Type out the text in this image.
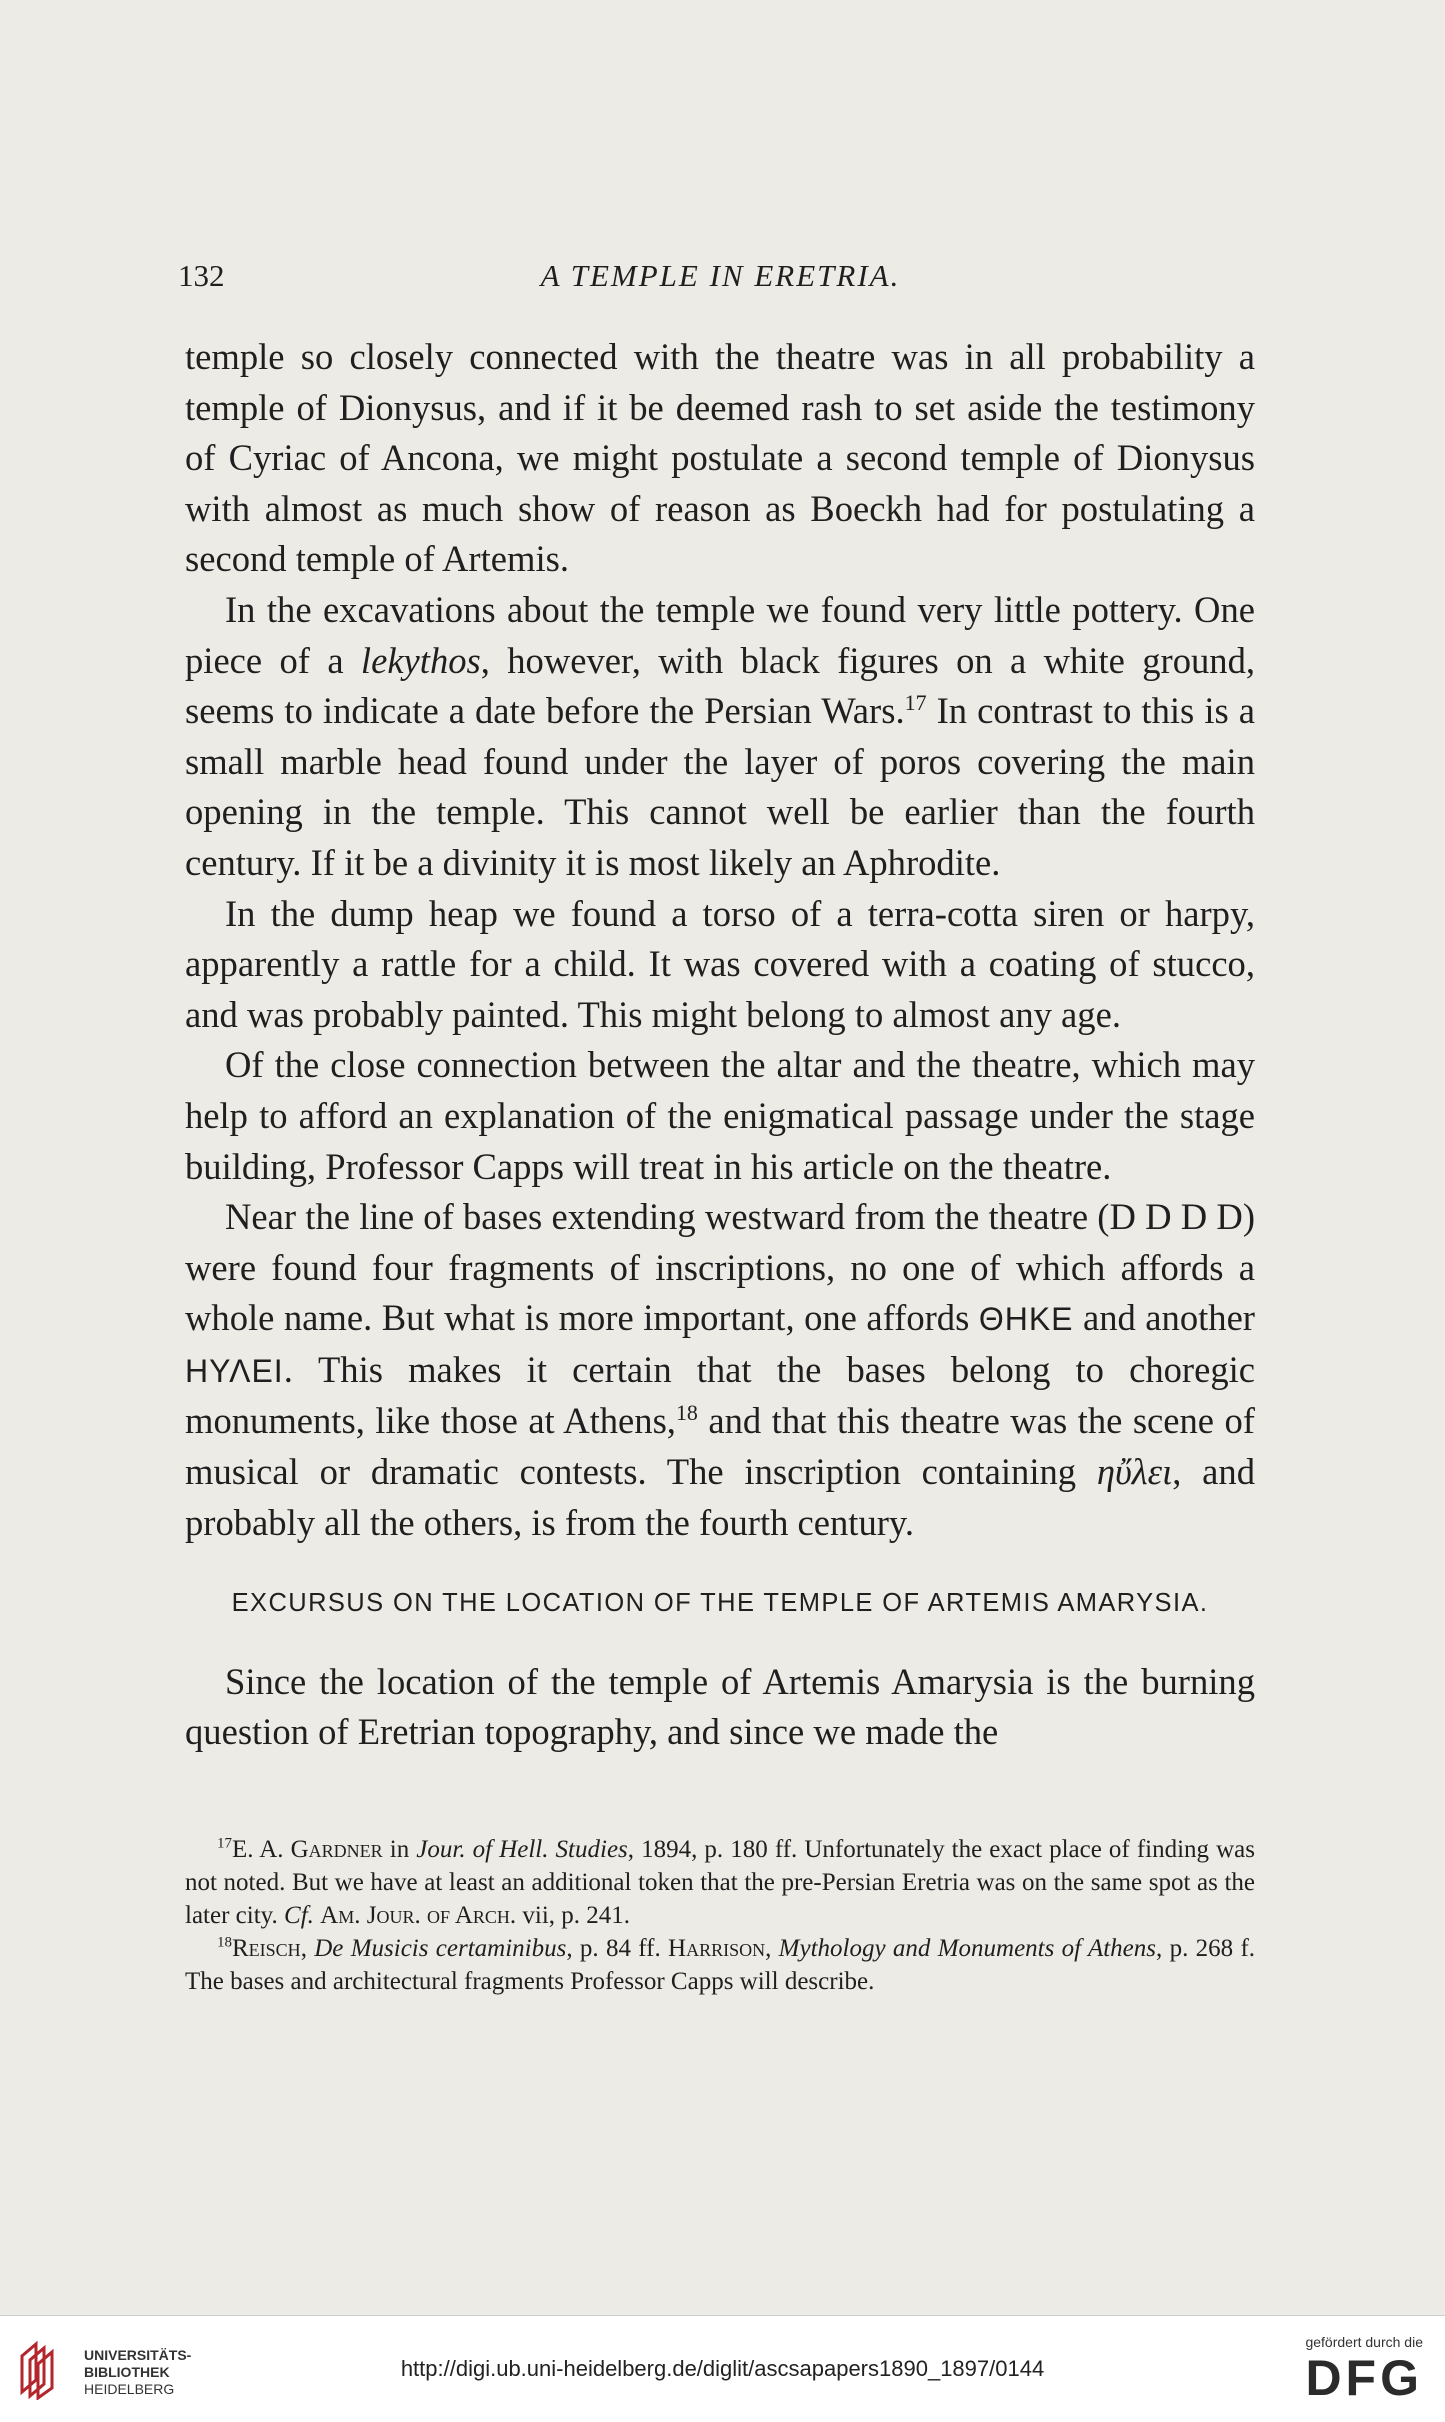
132	A TEMPLE IN ERETRIA.

temple so closely connected with the theatre was in all probability a temple of Dionysus, and if it be deemed rash to set aside the testimony of Cyriac of Ancona, we might postulate a second temple of Dionysus with almost as much show of reason as Boeckh had for postulating a second temple of Artemis.

In the excavations about the temple we found very little pottery. One piece of a lekythos, however, with black figures on a white ground, seems to indicate a date before the Persian Wars.$^{17}$ In contrast to this is a small marble head found under the layer of poros covering the main opening in the temple. This cannot well be earlier than the fourth century. If it be a divinity it is most likely an Aphrodite.

In the dump heap we found a torso of a terra-cotta siren or harpy, apparently a rattle for a child. It was covered with a coating of stucco, and was probably painted. This might belong to almost any age.

Of the close connection between the altar and the theatre, which may help to afford an explanation of the enigmatical passage under the stage building, Professor Capps will treat in his article on the theatre.

Near the line of bases extending westward from the theatre (D D D D) were found four fragments of inscriptions, no one of which affords a whole name. But what is more important, one affords ΘΗΚΕ and another ΗΥΛΕΙ. This makes it certain that the bases belong to choregic monuments, like those at Athens,$^{18}$ and that this theatre was the scene of musical or dramatic contests. The inscription containing ηὔλει, and probably all the others, is from the fourth century.

EXCURSUS ON THE LOCATION OF THE TEMPLE OF ARTEMIS AMARYSIA.

Since the location of the temple of Artemis Amarysia is the burning question of Eretrian topography, and since we made the

$^{17}$E. A. Gardner in Jour. of Hell. Studies, 1894, p. 180 ff. Unfortunately the exact place of finding was not noted. But we have at least an additional token that the pre-Persian Eretria was on the same spot as the later city. Cf. Am. Jour. of Arch. vii, p. 241.

$^{18}$Reisch, De Musicis certaminibus, p. 84 ff. Harrison, Mythology and Monuments of Athens, p. 268 f. The bases and architectural fragments Professor Capps will describe.

UNIVERSITÄTS-
BIBLIOTHEK
HEIDELBERG
http://digi.ub.uni-heidelberg.de/diglit/ascsapapers1890_1897/0144
gefördert durch die
DFG
